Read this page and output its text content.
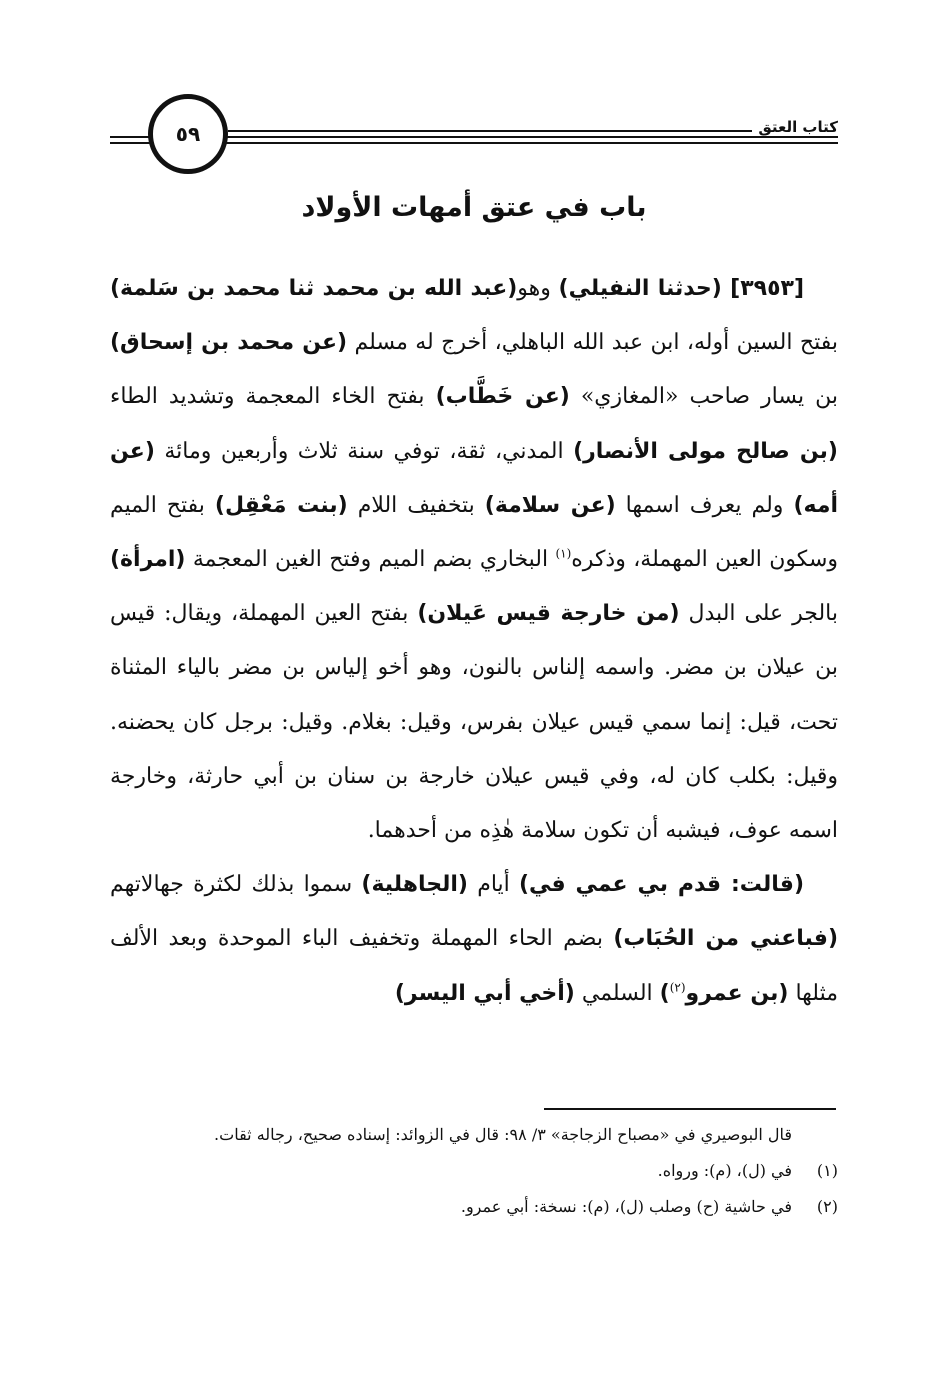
كتاب العتق
٥٩
باب في عتق أمهات الأولاد

[٣٩٥٣] (حدثنا النفيلي) وهو(عبد الله بن محمد ثنا محمد بن سَلمة) بفتح السين أوله، ابن عبد الله الباهلي، أخرج له مسلم (عن محمد بن إسحاق) بن يسار صاحب «المغازي» (عن خَطَّاب) بفتح الخاء المعجمة وتشديد الطاء (بن صالح مولى الأنصار) المدني، ثقة، توفي سنة ثلاث وأربعين ومائة (عن أمه) ولم يعرف اسمها (عن سلامة) بتخفيف اللام (بنت مَعْقِل) بفتح الميم وسكون العين المهملة، وذكره$^{(١)}$ البخاري بضم الميم وفتح الغين المعجمة (امرأة) بالجر على البدل (من خارجة قيس عَيلان) بفتح العين المهملة، ويقال: قيس بن عيلان بن مضر. واسمه إلناس بالنون، وهو أخو إلياس بن مضر بالياء المثناة تحت، قيل: إنما سمي قيس عيلان بفرس، وقيل: بغلام. وقيل: برجل كان يحضنه. وقيل: بكلب كان له، وفي قيس عيلان خارجة بن سنان بن أبي حارثة، وخارجة اسمه عوف، فيشبه أن تكون سلامة هٰذِه من أحدهما.

(قالت: قدم بي عمي في) أيام (الجاهلية) سموا بذلك لكثرة جهالاتهم (فباعني من الحُبَاب) بضم الحاء المهملة وتخفيف الباء الموحدة وبعد الألف مثلها (بن عمرو$^{(٢)}$) السلمي (أخي أبي اليسر)

قال البوصيري في «مصباح الزجاجة» ٣/ ٩٨: قال في الزوائد: إسناده صحيح، رجاله ثقات.

(١)في (ل)، (م): ورواه.

(٢)في حاشية (ح) وصلب (ل)، (م): نسخة: أبي عمرو.
